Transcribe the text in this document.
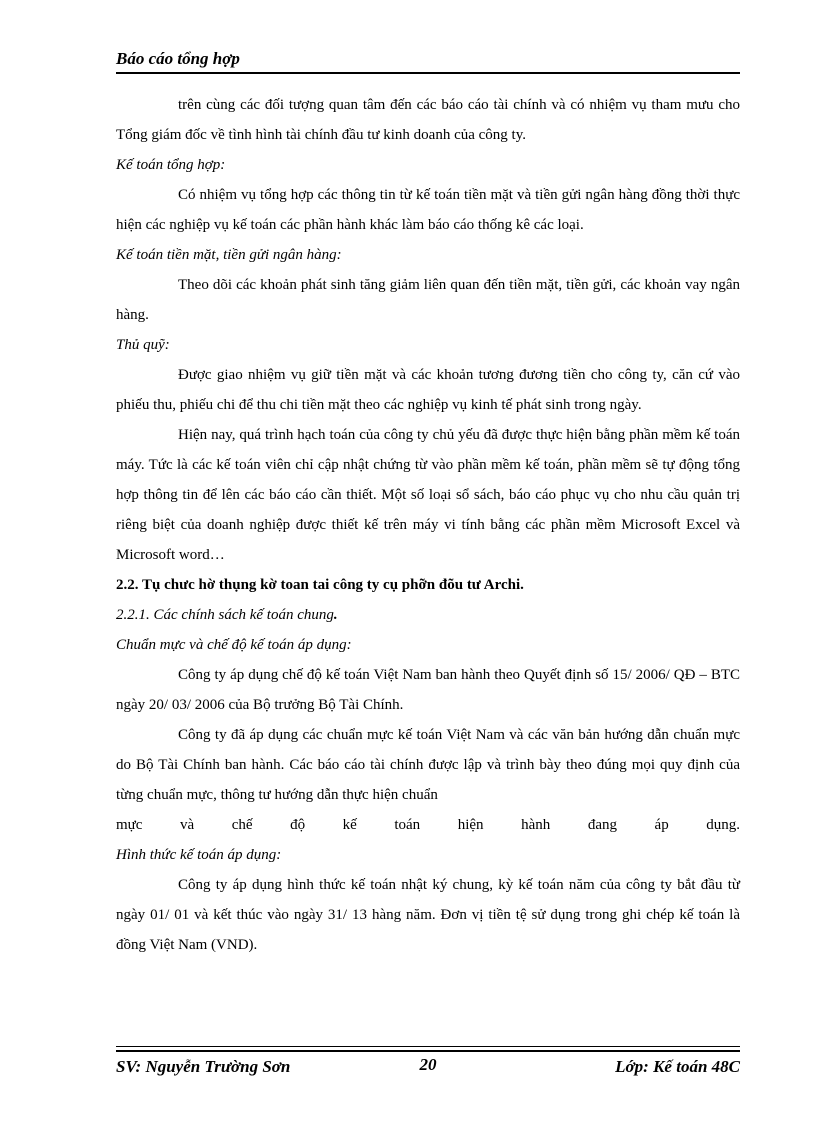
Báo cáo tổng hợp

trên cùng các đối tượng quan tâm đến các báo cáo tài chính và có nhiệm vụ tham mưu cho Tổng giám đốc về tình hình tài chính đầu tư kinh doanh của công ty.

Kế toán tổng hợp:

Có nhiệm vụ tổng hợp các thông tin từ kế toán tiền mặt và tiền gửi ngân hàng đồng thời thực hiện các nghiệp vụ kế toán các phần hành khác làm báo cáo thống kê các loại.

Kế toán tiền mặt, tiền gửi ngân hàng:

Theo dõi các khoản phát sinh tăng giảm liên quan đến tiền mặt, tiền gửi, các khoản vay ngân hàng.

Thủ quỹ:

Được giao nhiệm vụ giữ tiền mặt và các khoản tương đương tiền cho công ty, căn cứ vào phiếu thu, phiếu chi để thu chi tiền mặt theo các nghiệp vụ kinh tế phát sinh trong ngày.

Hiện nay, quá trình hạch toán của công ty chủ yếu đã được thực hiện bằng phần mềm kế toán máy. Tức là các kế toán viên chỉ cập nhật chứng từ vào phần mềm kế toán, phần mềm sẽ tự động tổng hợp thông tin để lên các báo cáo cần thiết. Một số loại sổ sách, báo cáo phục vụ cho nhu cầu quản trị riêng biệt của doanh nghiệp được thiết kế trên máy vi tính bằng các phần mềm Microsoft Excel và Microsoft word…

2.2. Tụ chưc hờ thụng kờ toan tai công ty cụ phỡn đõu tư Archi.

2.2.1. Các chính sách kế toán chung.

Chuẩn mực và chế độ kế toán áp dụng:

Công ty áp dụng chế độ kế toán Việt Nam ban hành theo Quyết định số 15/ 2006/ QĐ – BTC ngày 20/ 03/ 2006 của Bộ trưởng Bộ Tài Chính.

Công ty đã áp dụng các chuẩn mực kế toán Việt Nam và các văn bản hướng dẫn chuẩn mực do Bộ Tài Chính ban hành. Các báo cáo tài chính được lập và trình bày theo đúng mọi quy định của từng chuẩn mực, thông tư hướng dẫn thực hiện chuẩn

mực và chế độ kế toán hiện hành đang áp dụng.

Hình thức kế toán áp dụng:

Công ty áp dụng hình thức kế toán nhật ký chung, kỳ kế toán năm của công ty bắt đầu từ ngày 01/ 01 và kết thúc vào ngày 31/ 13 hàng năm. Đơn vị tiền tệ sử dụng trong ghi chép kế toán là đồng Việt Nam (VND).

SV: Nguyễn Trường Sơn	20	Lớp: Kế toán 48C
